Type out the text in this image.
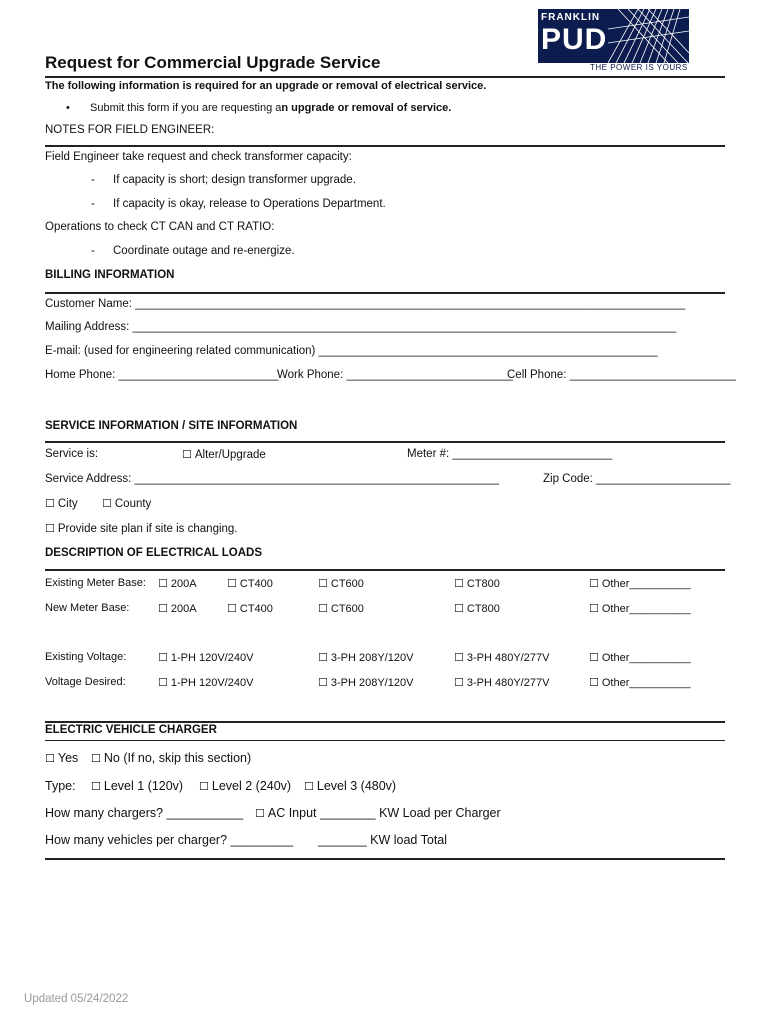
FRANKLIN
PUD
THE POWER IS YOURS
Request for Commercial Upgrade Service
The following information is required for an upgrade or removal of electrical service.
• Submit this form if you are requesting an upgrade or removal of service.
NOTES FOR FIELD ENGINEER:
Field Engineer take request and check transformer capacity:
- If capacity is short; design transformer upgrade.
- If capacity is okay, release to Operations Department.
Operations to check CT CAN and CT RATIO:
- Coordinate outage and re-energize.
BILLING INFORMATION
Customer Name: ______________________________________________________________________________________
Mailing Address: _____________________________________________________________________________________
E-mail: (used for engineering related communication) _____________________________________________________
Home Phone: _________________________
Work Phone: __________________________
Cell Phone: __________________________
SERVICE INFORMATION / SITE INFORMATION
Service is:	☐ Alter/Upgrade	Meter #: _________________________
Service Address: _________________________________________________________	Zip Code: _____________________
☐ City ☐ County
☐ Provide site plan if site is changing.
DESCRIPTION OF ELECTRICAL LOADS
Existing Meter Base: ☐ 200A	☐ CT400	☐ CT600	☐ CT800	☐ Other__________
New Meter Base:	☐ 200A	☐ CT400	☐ CT600	☐ CT800	☐ Other__________
Existing Voltage:	☐ 1-PH 120V/240V	☐ 3-PH 208Y/120V	☐ 3-PH 480Y/277V	☐ Other__________
Voltage Desired:	☐ 1-PH 120V/240V	☐ 3-PH 208Y/120V	☐ 3-PH 480Y/277V	☐ Other__________
ELECTRIC VEHICLE CHARGER
☐ Yes ☐ No (If no, skip this section)
Type: ☐ Level 1 (120v) ☐ Level 2 (240v) ☐ Level 3 (480v)
How many chargers? ___________ ☐ AC Input ________ KW Load per Charger
How many vehicles per charger? _________ _______ KW load Total
Updated 05/24/2022
